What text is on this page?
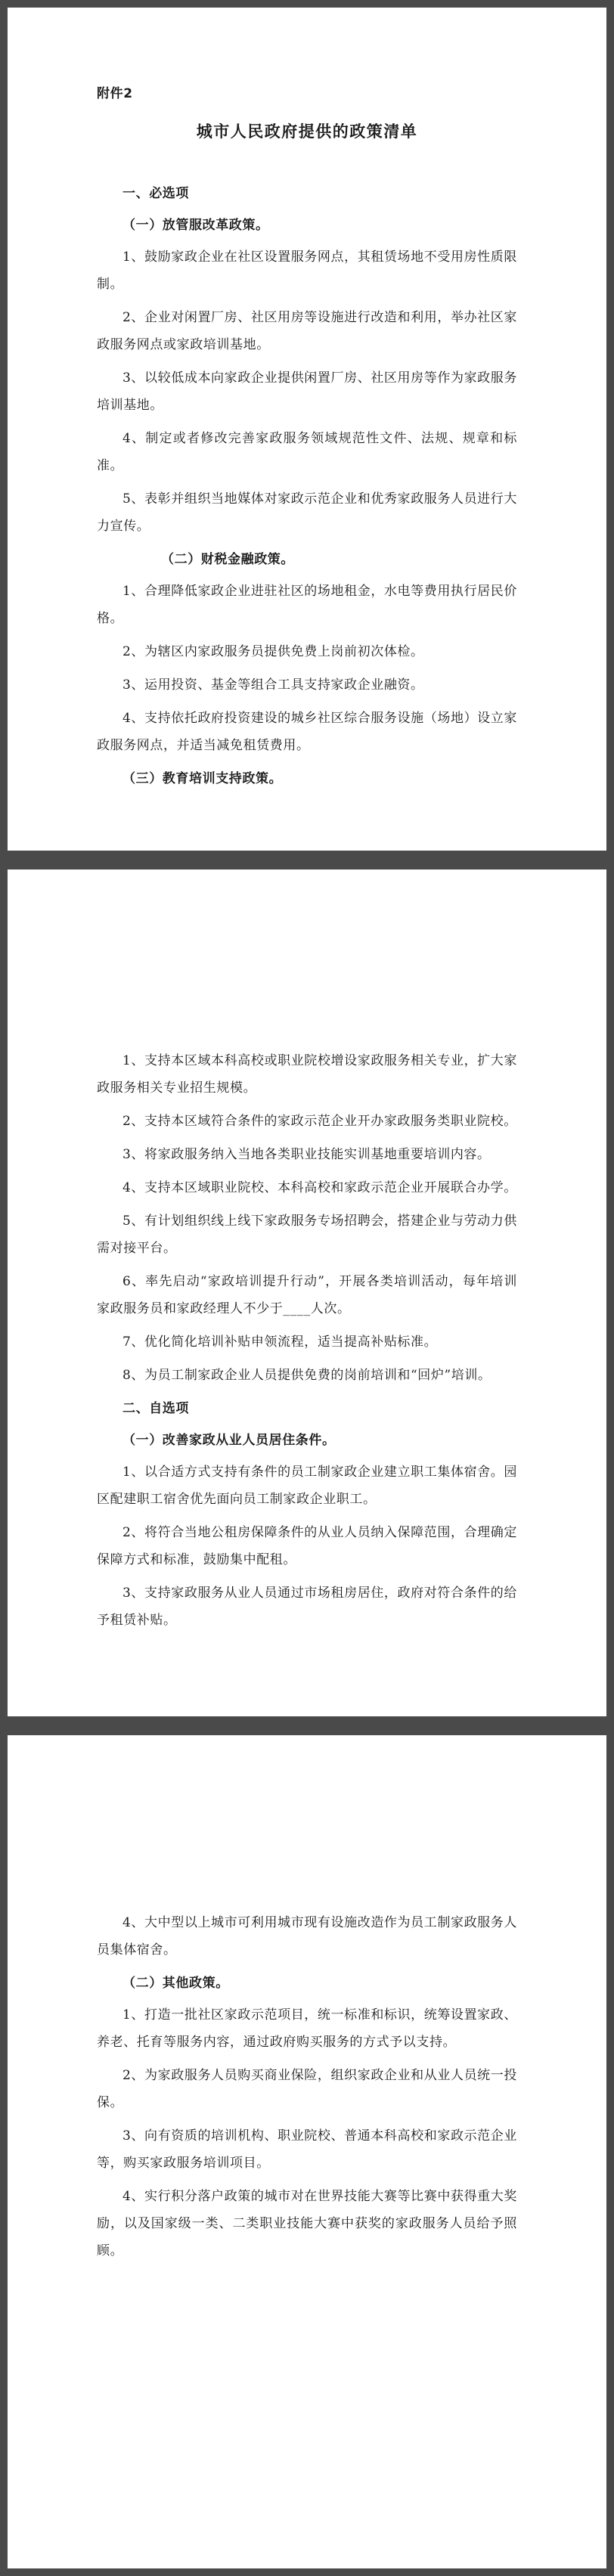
附件2
城市人民政府提供的政策清单
一、必选项
（一）放管服改革政策。

1、鼓励家政企业在社区设置服务网点，其租赁场地不受用房性质限制。

2、企业对闲置厂房、社区用房等设施进行改造和利用，举办社区家政服务网点或家政培训基地。

3、以较低成本向家政企业提供闲置厂房、社区用房等作为家政服务培训基地。

4、制定或者修改完善家政服务领域规范性文件、法规、规章和标准。

5、表彰并组织当地媒体对家政示范企业和优秀家政服务人员进行大力宣传。

（二）财税金融政策。

1、合理降低家政企业进驻社区的场地租金，水电等费用执行居民价格。

2、为辖区内家政服务员提供免费上岗前初次体检。

3、运用投资、基金等组合工具支持家政企业融资。

4、支持依托政府投资建设的城乡社区综合服务设施（场地）设立家政服务网点，并适当减免租赁费用。

（三）教育培训支持政策。

1、支持本区域本科高校或职业院校增设家政服务相关专业，扩大家政服务相关专业招生规模。

2、支持本区域符合条件的家政示范企业开办家政服务类职业院校。

3、将家政服务纳入当地各类职业技能实训基地重要培训内容。

4、支持本区域职业院校、本科高校和家政示范企业开展联合办学。

5、有计划组织线上线下家政服务专场招聘会，搭建企业与劳动力供需对接平台。

6、率先启动“家政培训提升行动”，开展各类培训活动，每年培训家政服务员和家政经理人不少于____人次。

7、优化简化培训补贴申领流程，适当提高补贴标准。

8、为员工制家政企业人员提供免费的岗前培训和“回炉”培训。

二、自选项
（一）改善家政从业人员居住条件。

1、以合适方式支持有条件的员工制家政企业建立职工集体宿舍。园区配建职工宿舍优先面向员工制家政企业职工。

2、将符合当地公租房保障条件的从业人员纳入保障范围，合理确定保障方式和标准，鼓励集中配租。

3、支持家政服务从业人员通过市场租房居住，政府对符合条件的给予租赁补贴。

4、大中型以上城市可利用城市现有设施改造作为员工制家政服务人员集体宿舍。

（二）其他政策。

1、打造一批社区家政示范项目，统一标准和标识，统筹设置家政、养老、托育等服务内容，通过政府购买服务的方式予以支持。

2、为家政服务人员购买商业保险，组织家政企业和从业人员统一投保。

3、向有资质的培训机构、职业院校、普通本科高校和家政示范企业等，购买家政服务培训项目。

4、实行积分落户政策的城市对在世界技能大赛等比赛中获得重大奖励，以及国家级一类、二类职业技能大赛中获奖的家政服务人员给予照顾。
